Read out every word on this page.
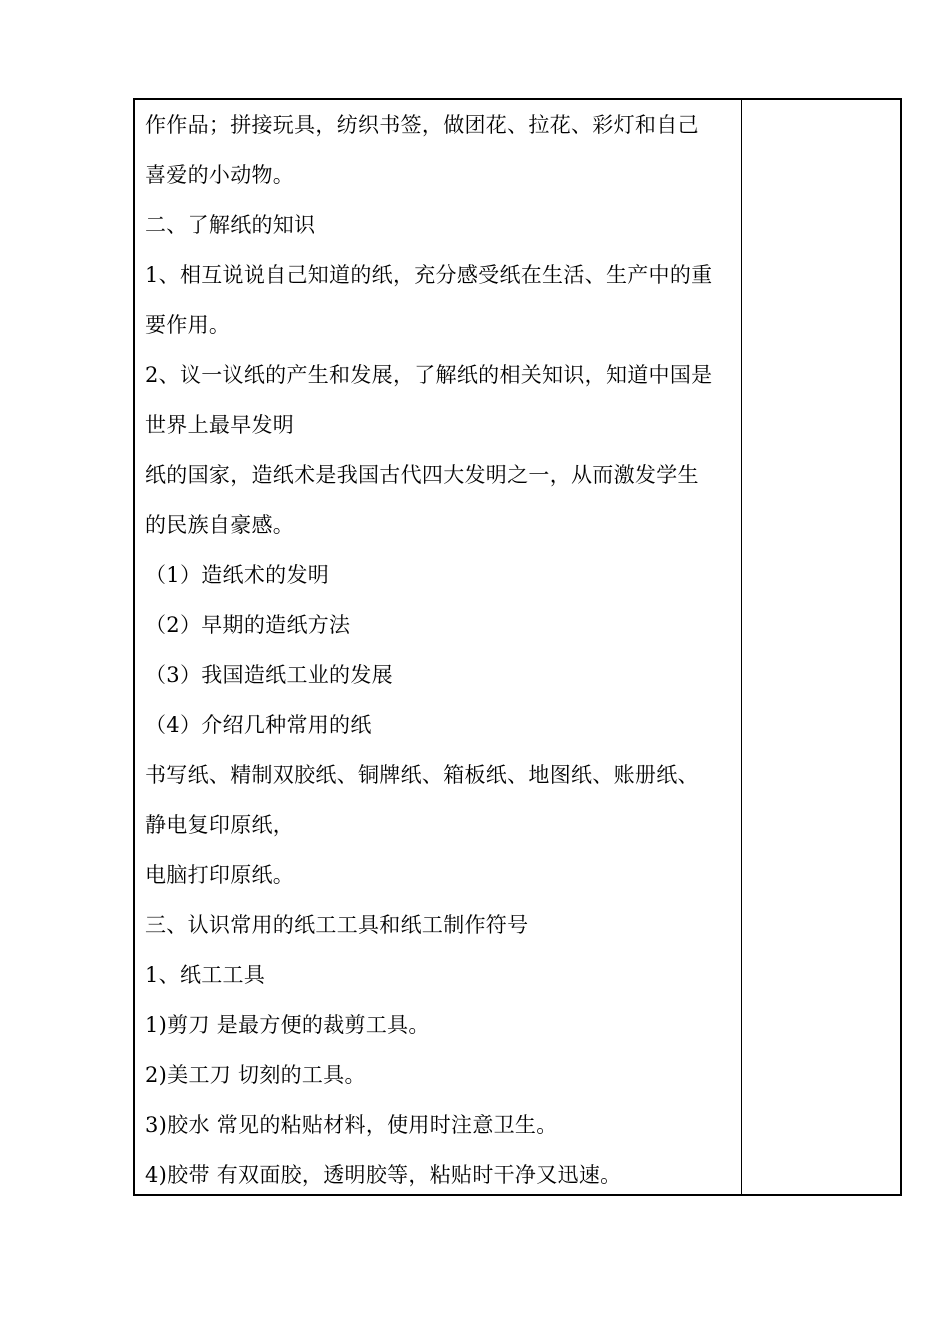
作作品；拼接玩具，纺织书签，做团花、拉花、彩灯和自己
喜爱的小动物。
二、了解纸的知识
1、相互说说自己知道的纸，充分感受纸在生活、生产中的重
要作用。
2、议一议纸的产生和发展，了解纸的相关知识，知道中国是
世界上最早发明
纸的国家，造纸术是我国古代四大发明之一，从而激发学生
的民族自豪感。
（1）造纸术的发明
（2）早期的造纸方法
（3）我国造纸工业的发展
（4）介绍几种常用的纸
书写纸、精制双胶纸、铜牌纸、箱板纸、地图纸、账册纸、
静电复印原纸，
电脑打印原纸。
三、认识常用的纸工工具和纸工制作符号
1、纸工工具
1)剪刀 是最方便的裁剪工具。
2)美工刀 切刻的工具。
3)胶水 常见的粘贴材料，使用时注意卫生。
4)胶带 有双面胶，透明胶等，粘贴时干净又迅速。
